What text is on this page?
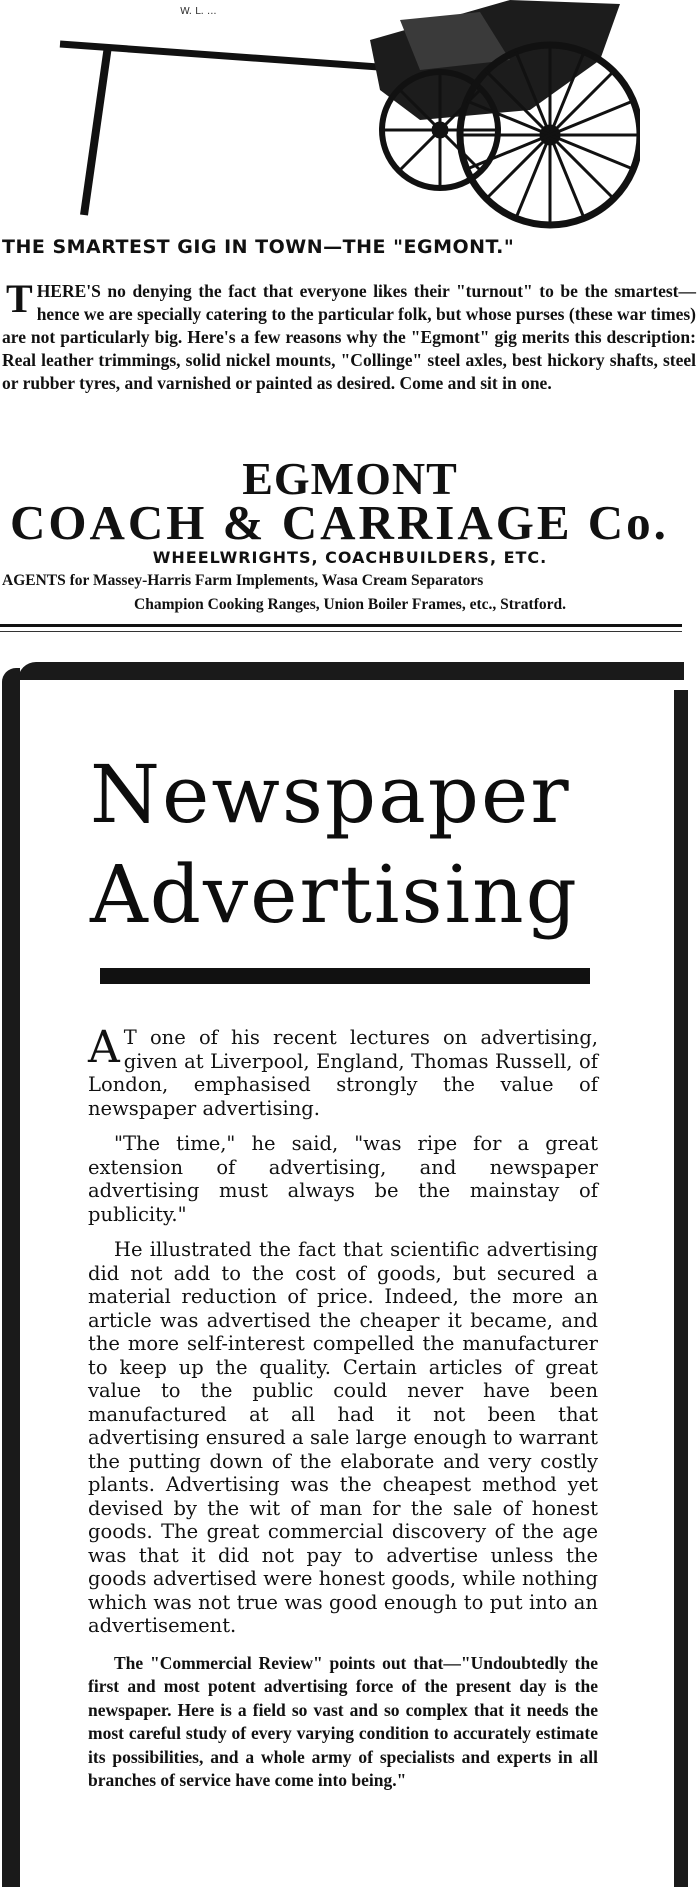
W. L. ...
THE SMARTEST GIG IN TOWN—THE "EGMONT."
T HERE'S no denying the fact that everyone likes their "turnout" to be the smartest—hence we are specially catering to the particular folk, but whose purses (these war times) are not particularly big. Here's a few reasons why the "Egmont" gig merits this description: Real leather trimmings, solid nickel mounts, "Collinge" steel axles, best hickory shafts, steel or rubber tyres, and varnished or painted as desired. Come and sit in one.
EGMONT
COACH & CARRIAGE Co.
WHEELWRIGHTS, COACHBUILDERS, ETC.
AGENTS for Massey-Harris Farm Implements, Wasa Cream Separators
Champion Cooking Ranges, Union Boiler Frames, etc., Stratford.
Newspaper
Advertising

A T one of his recent lectures on advertising, given at Liverpool, England, Thomas Russell, of London, emphasised strongly the value of newspaper advertising.

"The time," he said, "was ripe for a great extension of advertising, and newspaper advertising must always be the mainstay of publicity."

He illustrated the fact that scientific advertising did not add to the cost of goods, but secured a material reduction of price. Indeed, the more an article was advertised the cheaper it became, and the more self-interest compelled the manufacturer to keep up the quality. Certain articles of great value to the public could never have been manufactured at all had it not been that advertising ensured a sale large enough to warrant the putting down of the elaborate and very costly plants. Advertising was the cheapest method yet devised by the wit of man for the sale of honest goods. The great commercial discovery of the age was that it did not pay to advertise unless the goods advertised were honest goods, while nothing which was not true was good enough to put into an advertisement.

The "Commercial Review" points out that—"Undoubtedly the first and most potent advertising force of the present day is the newspaper. Here is a field so vast and so complex that it needs the most careful study of every varying condition to accurately estimate its possibilities, and a whole army of specialists and experts in all branches of service have come into being."
